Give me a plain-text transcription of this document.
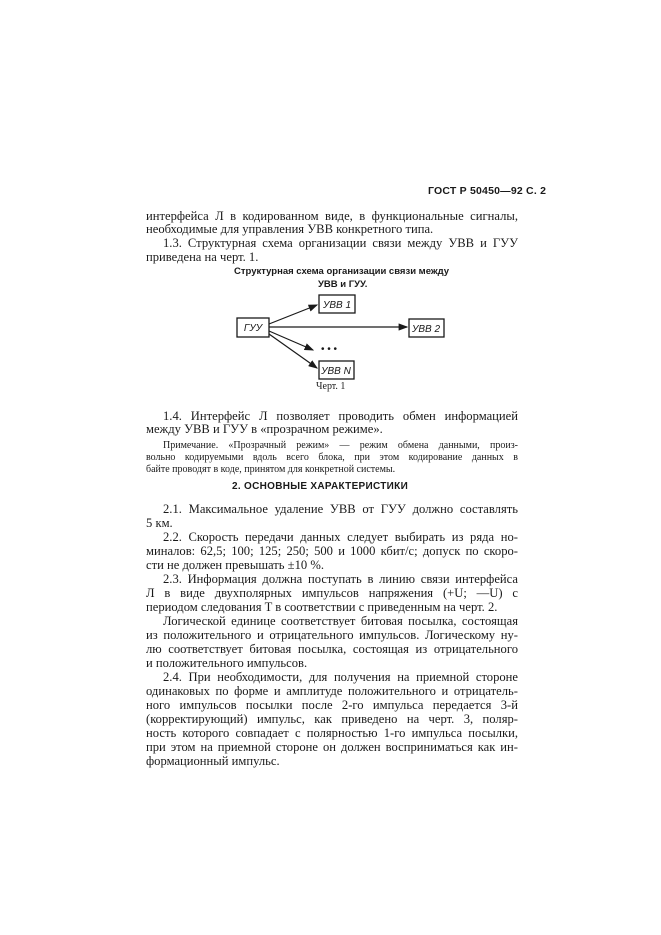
ГОСТ Р 50450—92 С. 2
интерфейса Л в кодированном виде, в функциональные сигналы,
необходимые для управления УВВ конкретного типа.
1.3. Структурная схема организации связи между УВВ и ГУУ
приведена на черт. 1.
Структурная схема организации связи между
УВВ и ГУУ.
ГУУ
УВВ 1
УВВ 2
УВВ N
• • •
Черт. 1
1.4. Интерфейс Л позволяет проводить обмен информацией
между УВВ и ГУУ в «прозрачном режиме».
Примечание. «Прозрачный режим» — режим обмена данными, произ-
вольно кодируемыми вдоль всего блока, при этом кодирование данных в
байте проводят в коде, принятом для конкретной системы.
2. ОСНОВНЫЕ ХАРАКТЕРИСТИКИ
2.1. Максимальное удаление УВВ от ГУУ должно составлять
5 км.
2.2. Скорость передачи данных следует выбирать из ряда но-
миналов: 62,5; 100; 125; 250; 500 и 1000 кбит/с; допуск по скоро-
сти не должен превышать ±10 %.
2.3. Информация должна поступать в линию связи интерфейса
Л в виде двухполярных импульсов напряжения (+U; —U) с
периодом следования T в соответствии с приведенным на черт. 2.
Логической единице соответствует битовая посылка, состоящая
из положительного и отрицательного импульсов. Логическому ну-
лю соответствует битовая посылка, состоящая из отрицательного
и положительного импульсов.
2.4. При необходимости, для получения на приемной стороне
одинаковых по форме и амплитуде положительного и отрицатель-
ного импульсов посылки после 2-го импульса передается 3-й
(корректирующий) импульс, как приведено на черт. 3, поляр-
ность которого совпадает с полярностью 1-го импульса посылки,
при этом на приемной стороне он должен восприниматься как ин-
формационный импульс.
